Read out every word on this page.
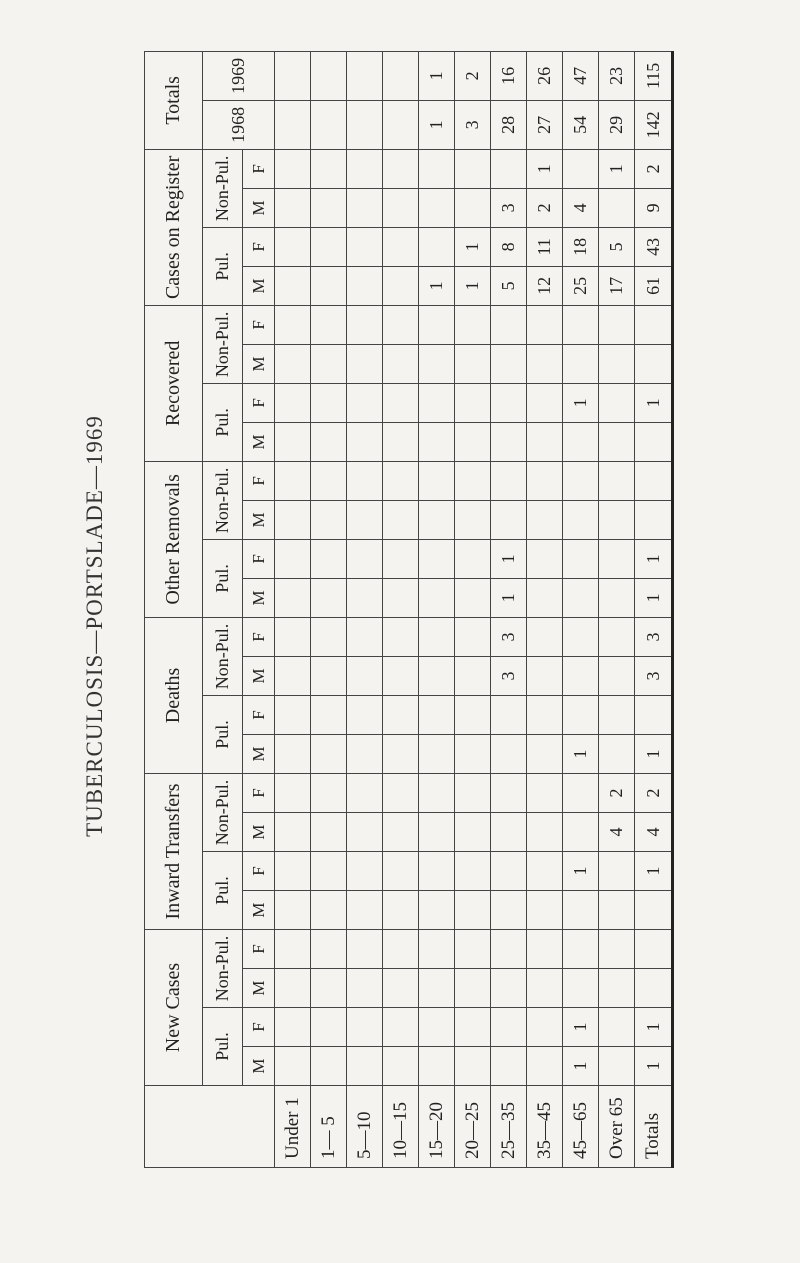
TUBERCULOSIS—PORTSLADE—1969
	New Cases				Inward Transfers				Deaths				Other Removals				Recovered				Cases on Register				Totals	
	Pul.		Non-Pul.		Pul.		Non-Pul.		Pul.		Non-Pul.		Pul.		Non-Pul.		Pul.		Non-Pul.		Pul.		Non-Pul.		1968	1969
	M	F	M	F	M	F	M	F	M	F	M	F	M	F	M	F	M	F	M	F	M	F	M	F		
Under 1																										
1— 5																										
5—10																										
10—15																										
15—20																					1				1	1
20—25																					1	1			3	2
25—35											3	3	1	1							5	8	3		28	16
35—45																					12	11	2	1	27	26
45—65	1	1				1			1									1			25	18	4		54	47
Over 65							4	2													17	5		1	29	23
Totals	1	1				1	4	2	1		3	3	1	1				1			61	43	9	2	142	115
